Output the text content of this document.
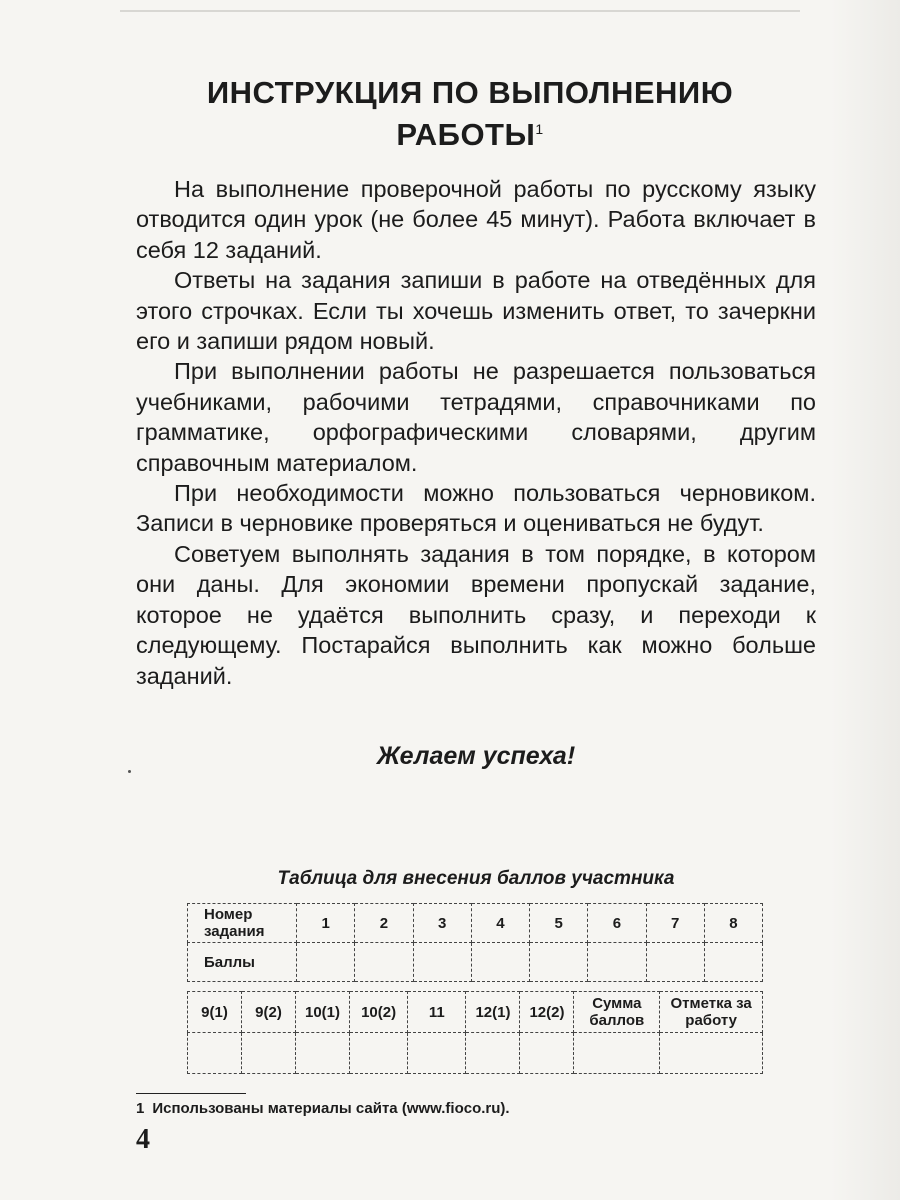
ИНСТРУКЦИЯ ПО ВЫПОЛНЕНИЮ
РАБОТЫ$^1$

На выполнение проверочной работы по русскому языку отводится один урок (не более 45 минут). Работа включает в себя 12 заданий.

Ответы на задания запиши в работе на отведённых для этого строчках. Если ты хочешь изменить ответ, то зачеркни его и запиши рядом новый.

При выполнении работы не разрешается пользоваться учебниками, рабочими тетрадями, справочниками по грамматике, орфографическими словарями, другим справочным материалом.

При необходимости можно пользоваться черновиком. Записи в черновике проверяться и оцениваться не будут.

Советуем выполнять задания в том порядке, в котором они даны. Для экономии времени пропускай задание, которое не удаётся выполнить сразу, и переходи к следующему. Постарайся выполнить как можно больше заданий.

Желаем успеха!
Таблица для внесения баллов участника
Номер задания	1	2	3	4	5	6	7	8
Баллы								
9(1)	9(2)	10(1)	10(2)	11	12(1)	12(2)	Сумма баллов	Отметка за работу

1 Использованы материалы сайта (www.fioco.ru).
4
